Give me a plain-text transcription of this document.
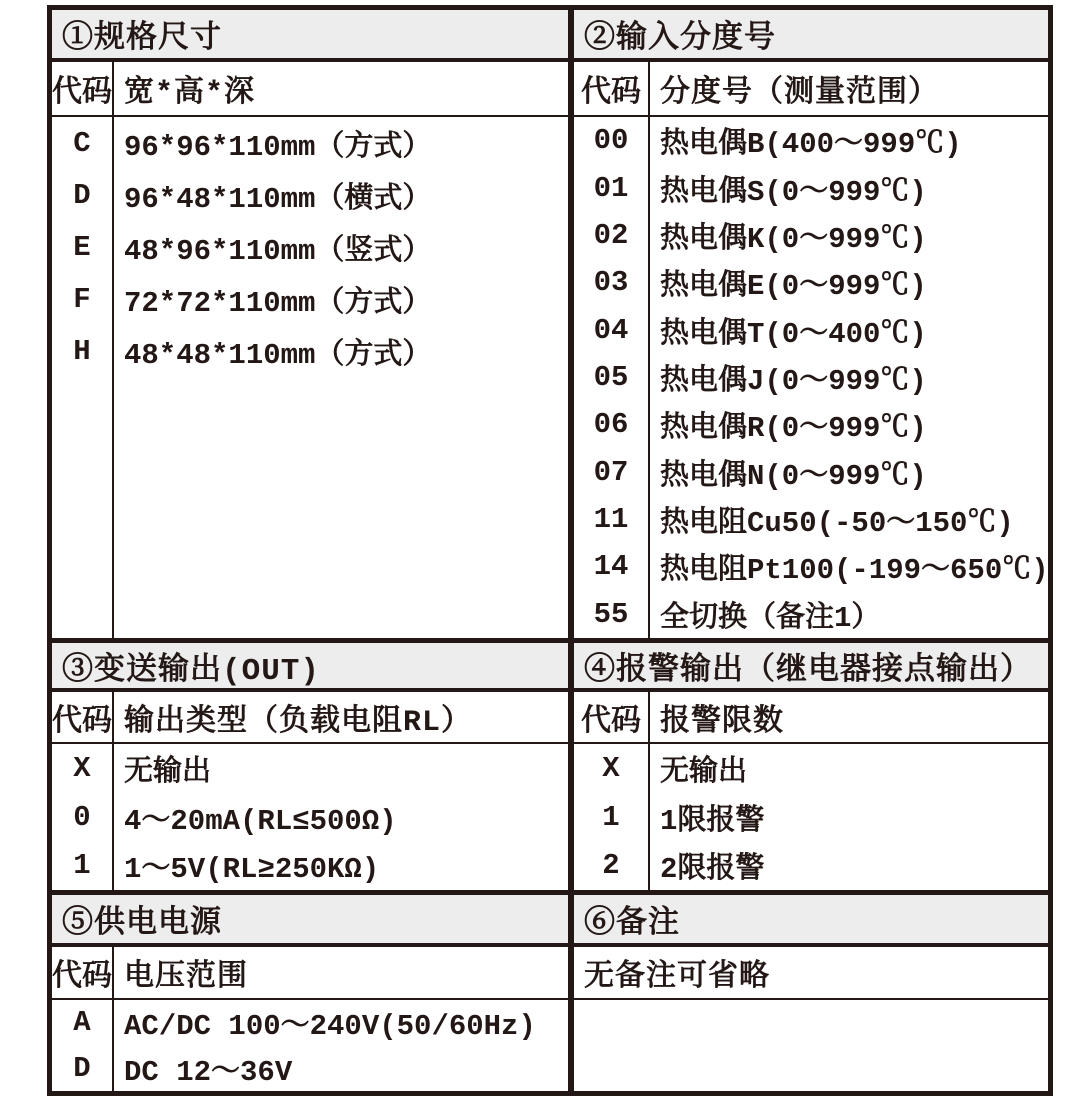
①规格尺寸
代码 宽*高*深
C
D
E
F
H
96*96*110mm（方式）
96*48*110mm（横式）
48*96*110mm（竖式）
72*72*110mm（方式）
48*48*110mm（方式）
②输入分度号
代码 分度号（测量范围）
00
01
02
03
04
05
06
07
11
14
55
热电偶B(400～999℃)
热电偶S(0～999℃)
热电偶K(0～999℃)
热电偶E(0～999℃)
热电偶T(0～400℃)
热电偶J(0～999℃)
热电偶R(0～999℃)
热电偶N(0～999℃)
热电阻Cu50(-50～150℃)
热电阻Pt100(-199～650℃)
全切换（备注1）
③变送输出(OUT)
代码 输出类型（负载电阻RL）
X
0
1
无输出
4～20mA(RL≤500Ω)
1～5V(RL≥250KΩ)
④报警输出（继电器接点输出）
代码 报警限数
X
1
2
无输出
1限报警
2限报警
⑤供电电源
代码 电压范围
A
D
AC/DC 100～240V(50/60Hz)
DC 12～36V
⑥备注
无备注可省略
